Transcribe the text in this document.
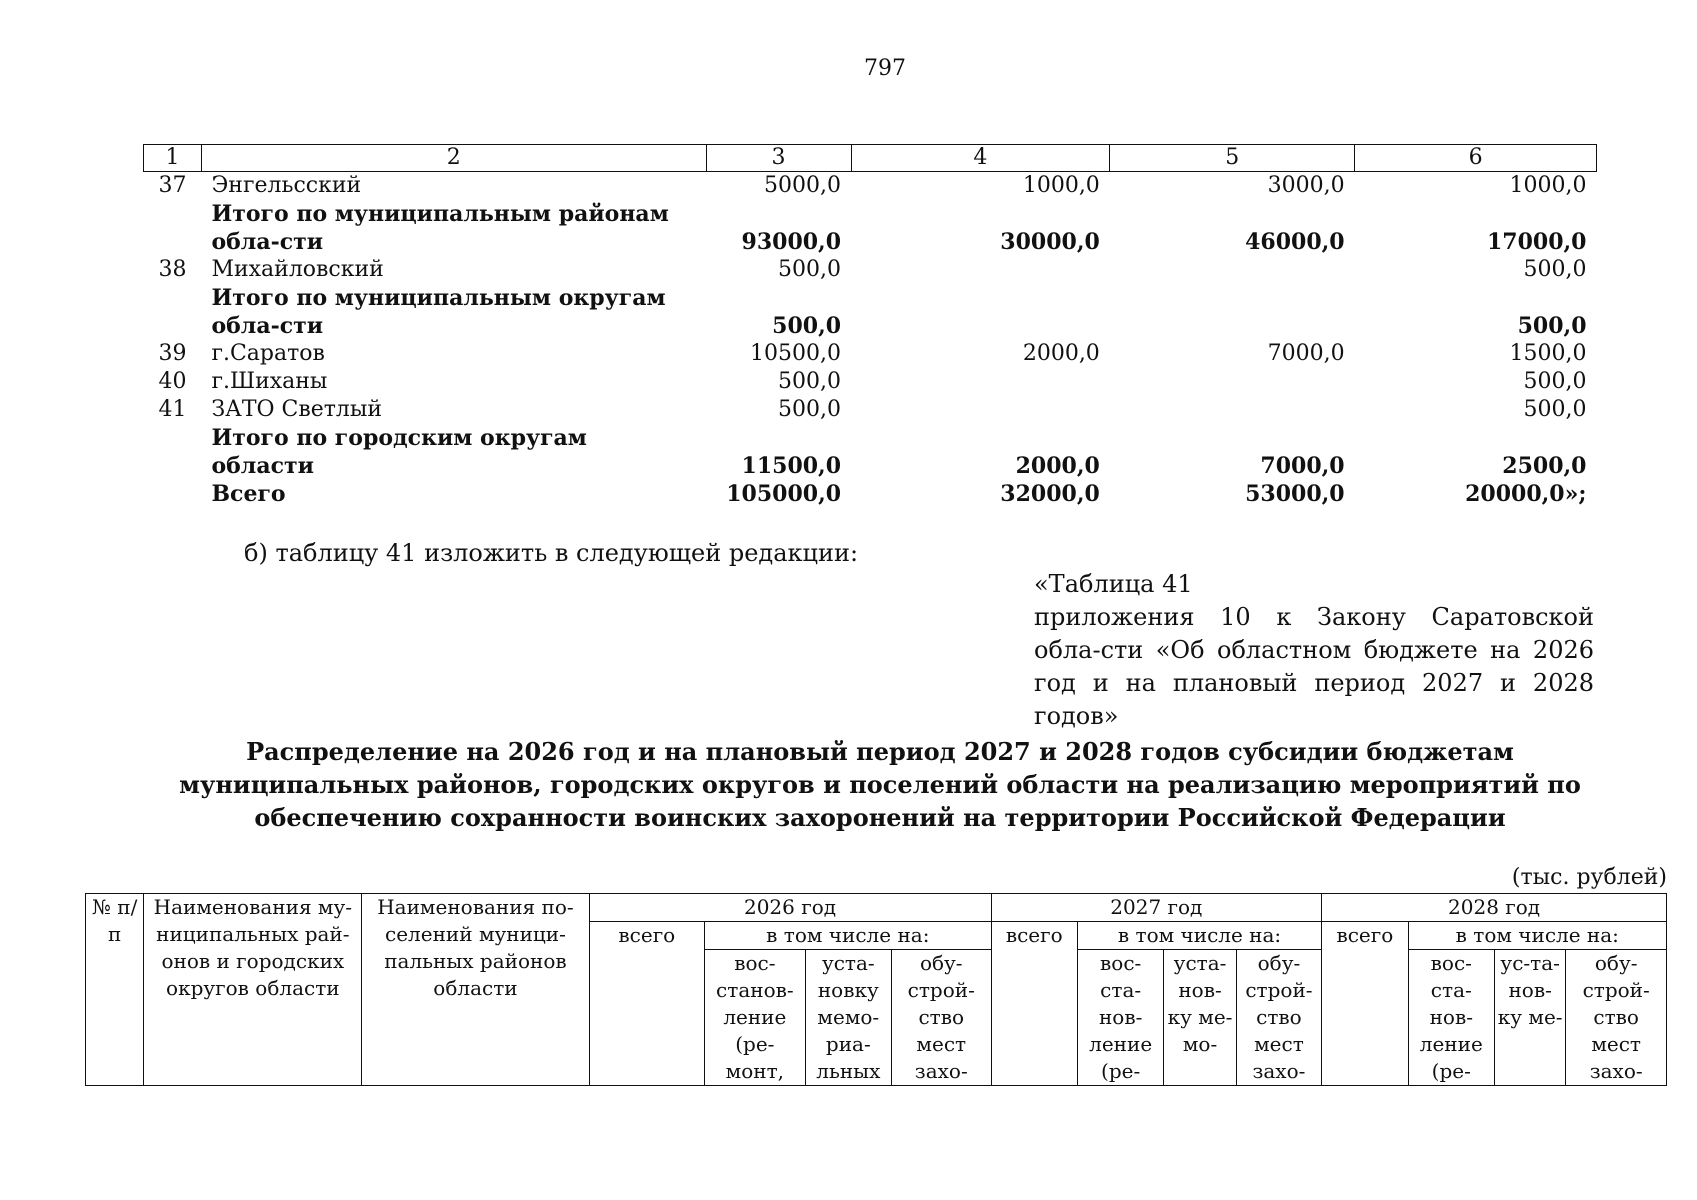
797
1	2	3	4	5	6
37	Энгельсский	5000,0	1000,0	3000,0	1000,0
	Итого по муниципальным районам обла-сти	93000,0	30000,0	46000,0	17000,0
38	Михайловский	500,0			500,0
	Итого по муниципальным округам обла-сти	500,0			500,0
39	г.Саратов	10500,0	2000,0	7000,0	1500,0
40	г.Шиханы	500,0			500,0
41	ЗАТО Светлый	500,0			500,0
	Итого по городским округам области	11500,0	2000,0	7000,0	2500,0
	Всего	105000,0	32000,0	53000,0	20000,0»;
б) таблицу 41 изложить в следующей редакции:
«Таблица 41
приложения 10 к Закону Саратовской обла-сти «Об областном бюджете на 2026 год и на плановый период 2027 и 2028 годов»
Распределение на 2026 год и на плановый период 2027 и 2028 годов субсидии бюджетам муниципальных районов, городских округов и поселений области на реализацию мероприятий по обеспечению сохранности воинских захоронений на территории Российской Федерации
(тыс. рублей)
№ п/п	Наименования му-ниципальных рай-онов и городских округов области	Наименования по-селений муници-пальных районов области	2026 год				2027 год				2028 год			
			всего	в том числе на:			всего	в том числе на:			всего	в том числе на:		
				вос-станов-ление (ре-монт,	уста-новку мемо-риа-льных	обу-строй-ство мест захо-		вос-ста-нов-ление (ре-	уста-нов-ку ме-мо-	обу-строй-ство мест захо-		вос-ста-нов-ление (ре-	ус-та-нов-ку ме-	обу-строй-ство мест захо-
